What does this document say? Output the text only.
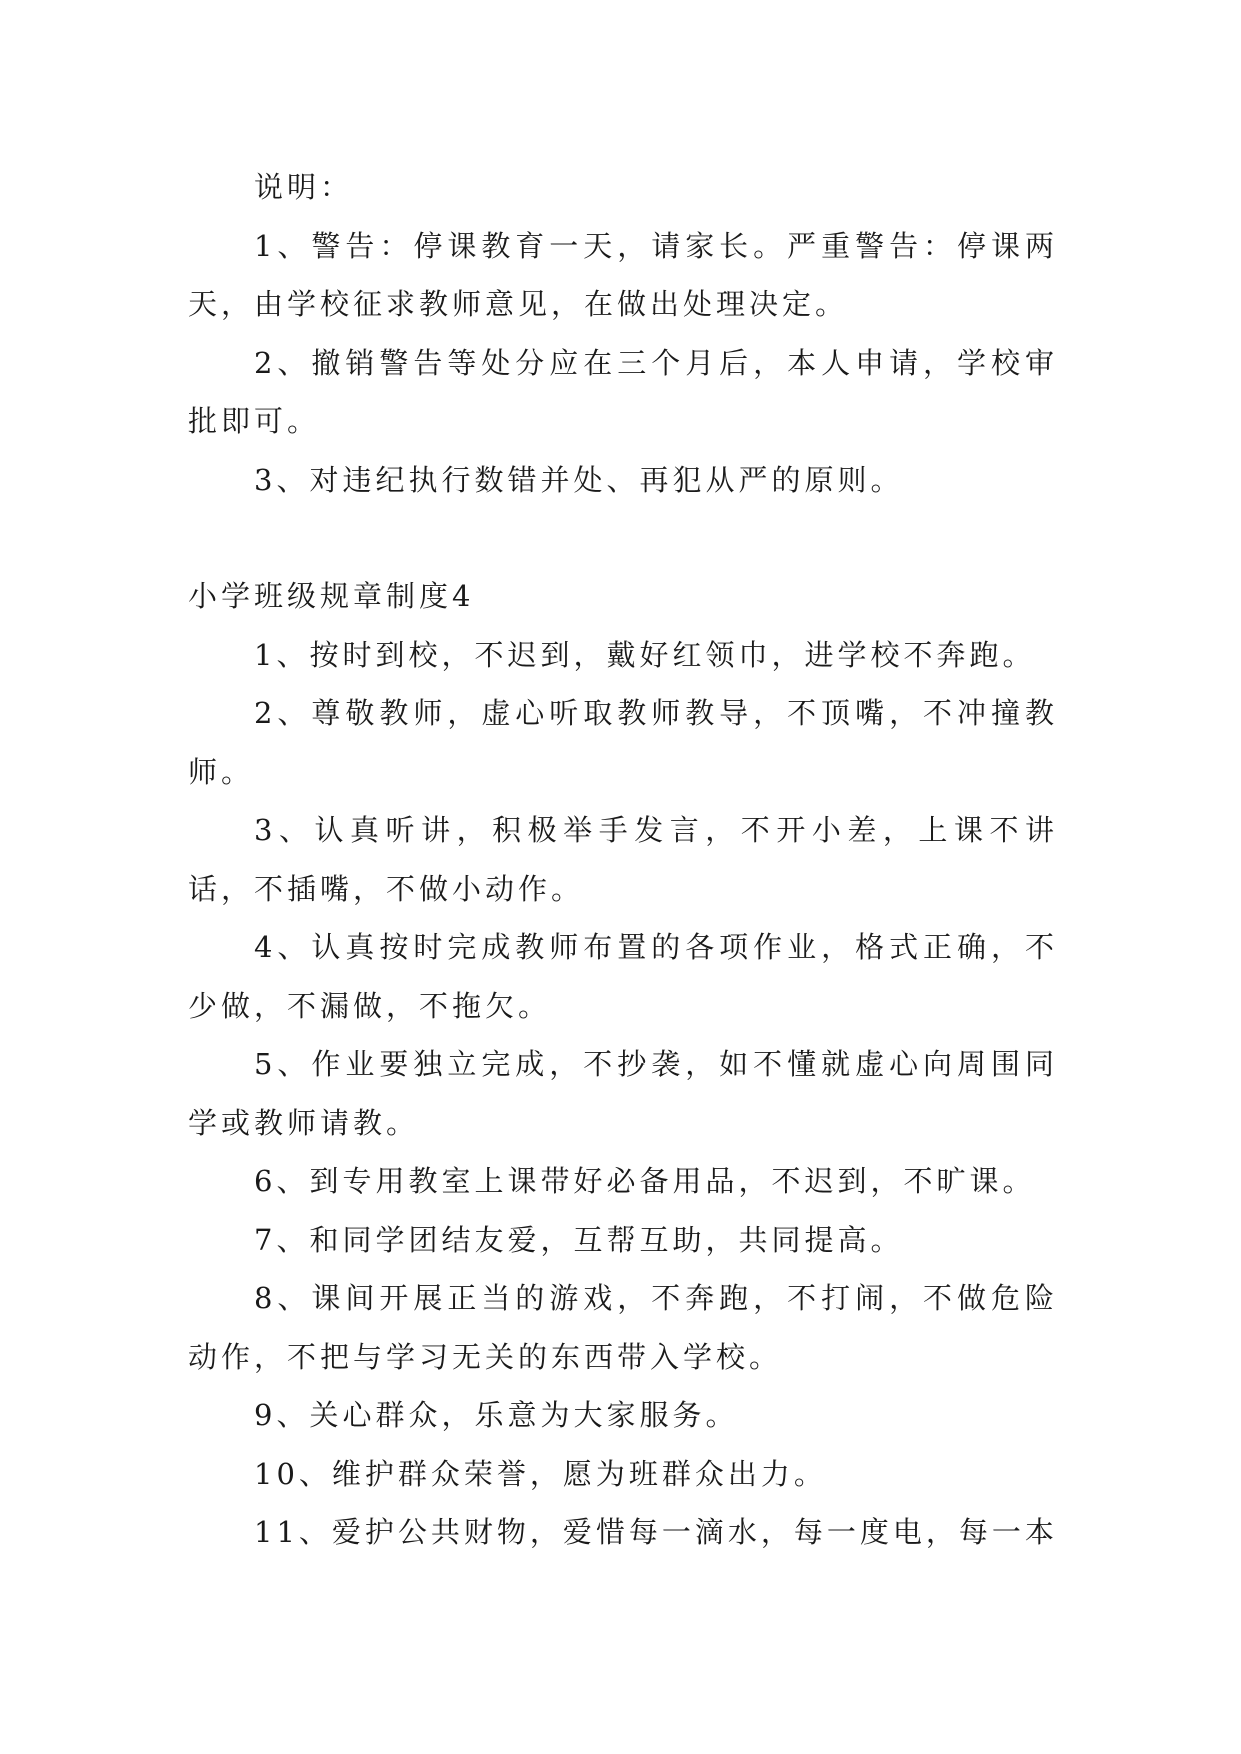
说明：

1、警告：停课教育一天，请家长。严重警告：停课两天，由学校征求教师意见，在做出处理决定。

2、撤销警告等处分应在三个月后，本人申请，学校审批即可。

3、对违纪执行数错并处、再犯从严的原则。

小学班级规章制度4

1、按时到校，不迟到，戴好红领巾，进学校不奔跑。

2、尊敬教师，虚心听取教师教导，不顶嘴，不冲撞教师。

3、认真听讲，积极举手发言，不开小差，上课不讲话，不插嘴，不做小动作。

4、认真按时完成教师布置的各项作业，格式正确，不少做，不漏做，不拖欠。

5、作业要独立完成，不抄袭，如不懂就虚心向周围同学或教师请教。

6、到专用教室上课带好必备用品，不迟到，不旷课。

7、和同学团结友爱，互帮互助，共同提高。

8、课间开展正当的游戏，不奔跑，不打闹，不做危险动作，不把与学习无关的东西带入学校。

9、关心群众，乐意为大家服务。

10、维护群众荣誉，愿为班群众出力。

11、爱护公共财物，爱惜每一滴水，每一度电，每一本
